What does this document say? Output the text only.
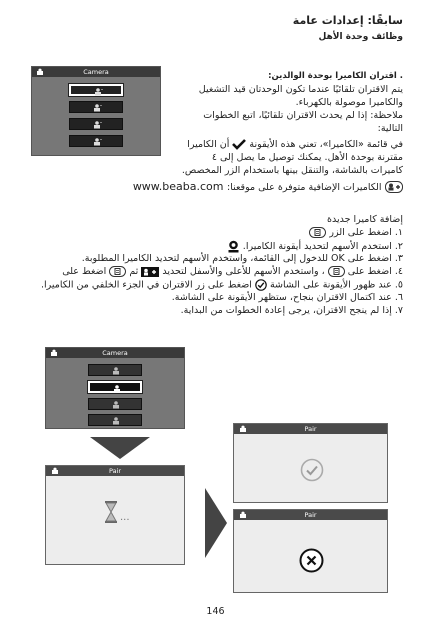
سابقًا: إعدادات عامة
وظائف وحدة الأهل
Camera	. اقتران الكاميرا بوحدة الوالدين:
يتم الاقتران تلقائيًا عندما تكون الوحدتان قيد التشغيل
والكاميرا موصولة بالكهرباء.
ملاحظة: إذا لم يحدث الاقتران تلقائيًا، اتبع الخطوات
التالية:
في قائمة «الكاميرا»، تعني هذه الأيقونة  أن الكاميرا
مقترنة بوحدة الأهل. يمكنك توصيل ما يصل إلى ٤
كاميرات بالشاشة، والتنقل بينها باستخدام الزر المخصص.
الكاميرات الإضافية متوفرة على موقعنا: www.beaba.com
إضافة كاميرا جديدة
١. اضغط على الزر
٢. استخدم الأسهم لتحديد أيقونة الكاميرا.
٣. اضغط على OK للدخول إلى القائمة، واستخدم الأسهم لتحديد الكاميرا المطلوبة.
٤. اضغط على  ، واستخدم الأسهم للأعلى والأسفل لتحديد  ثم  اضغط على
٥. عند ظهور الأيقونة على الشاشة  اضغط على زر الاقتران في الجزء الخلفي من الكاميرا.
٦. عند اكتمال الاقتران بنجاح، ستظهر الأيقونة على الشاشة.
٧. إذا لم ينجح الاقتران، يرجى إعادة الخطوات من البداية.
Camera
Pair
...
Pair
Pair
146
